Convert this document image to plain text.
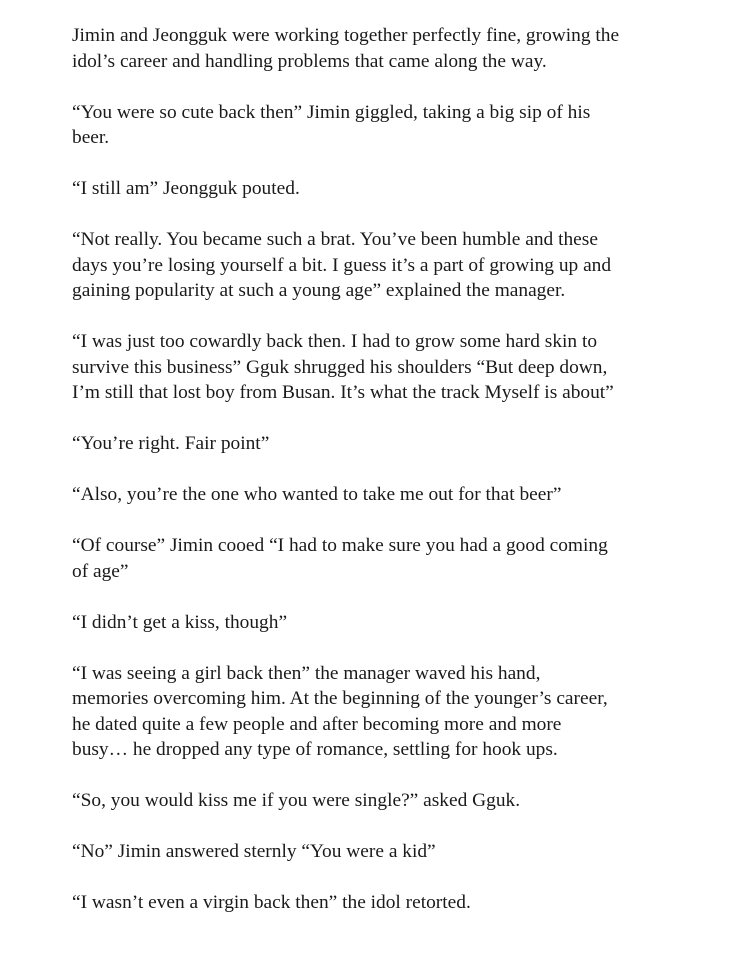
Jimin and Jeongguk were working together perfectly fine, growing the
idol’s career and handling problems that came along the way.

“You were so cute back then” Jimin giggled, taking a big sip of his
beer.

“I still am” Jeongguk pouted.

“Not really. You became such a brat. You’ve been humble and these
days you’re losing yourself a bit. I guess it’s a part of growing up and
gaining popularity at such a young age” explained the manager.

“I was just too cowardly back then. I had to grow some hard skin to
survive this business” Gguk shrugged his shoulders “But deep down,
I’m still that lost boy from Busan. It’s what the track Myself is about”

“You’re right. Fair point”

“Also, you’re the one who wanted to take me out for that beer”

“Of course” Jimin cooed “I had to make sure you had a good coming
of age”

“I didn’t get a kiss, though”

“I was seeing a girl back then” the manager waved his hand,
memories overcoming him. At the beginning of the younger’s career,
he dated quite a few people and after becoming more and more
busy… he dropped any type of romance, settling for hook ups.

“So, you would kiss me if you were single?” asked Gguk.

“No” Jimin answered sternly “You were a kid”

“I wasn’t even a virgin back then” the idol retorted.
